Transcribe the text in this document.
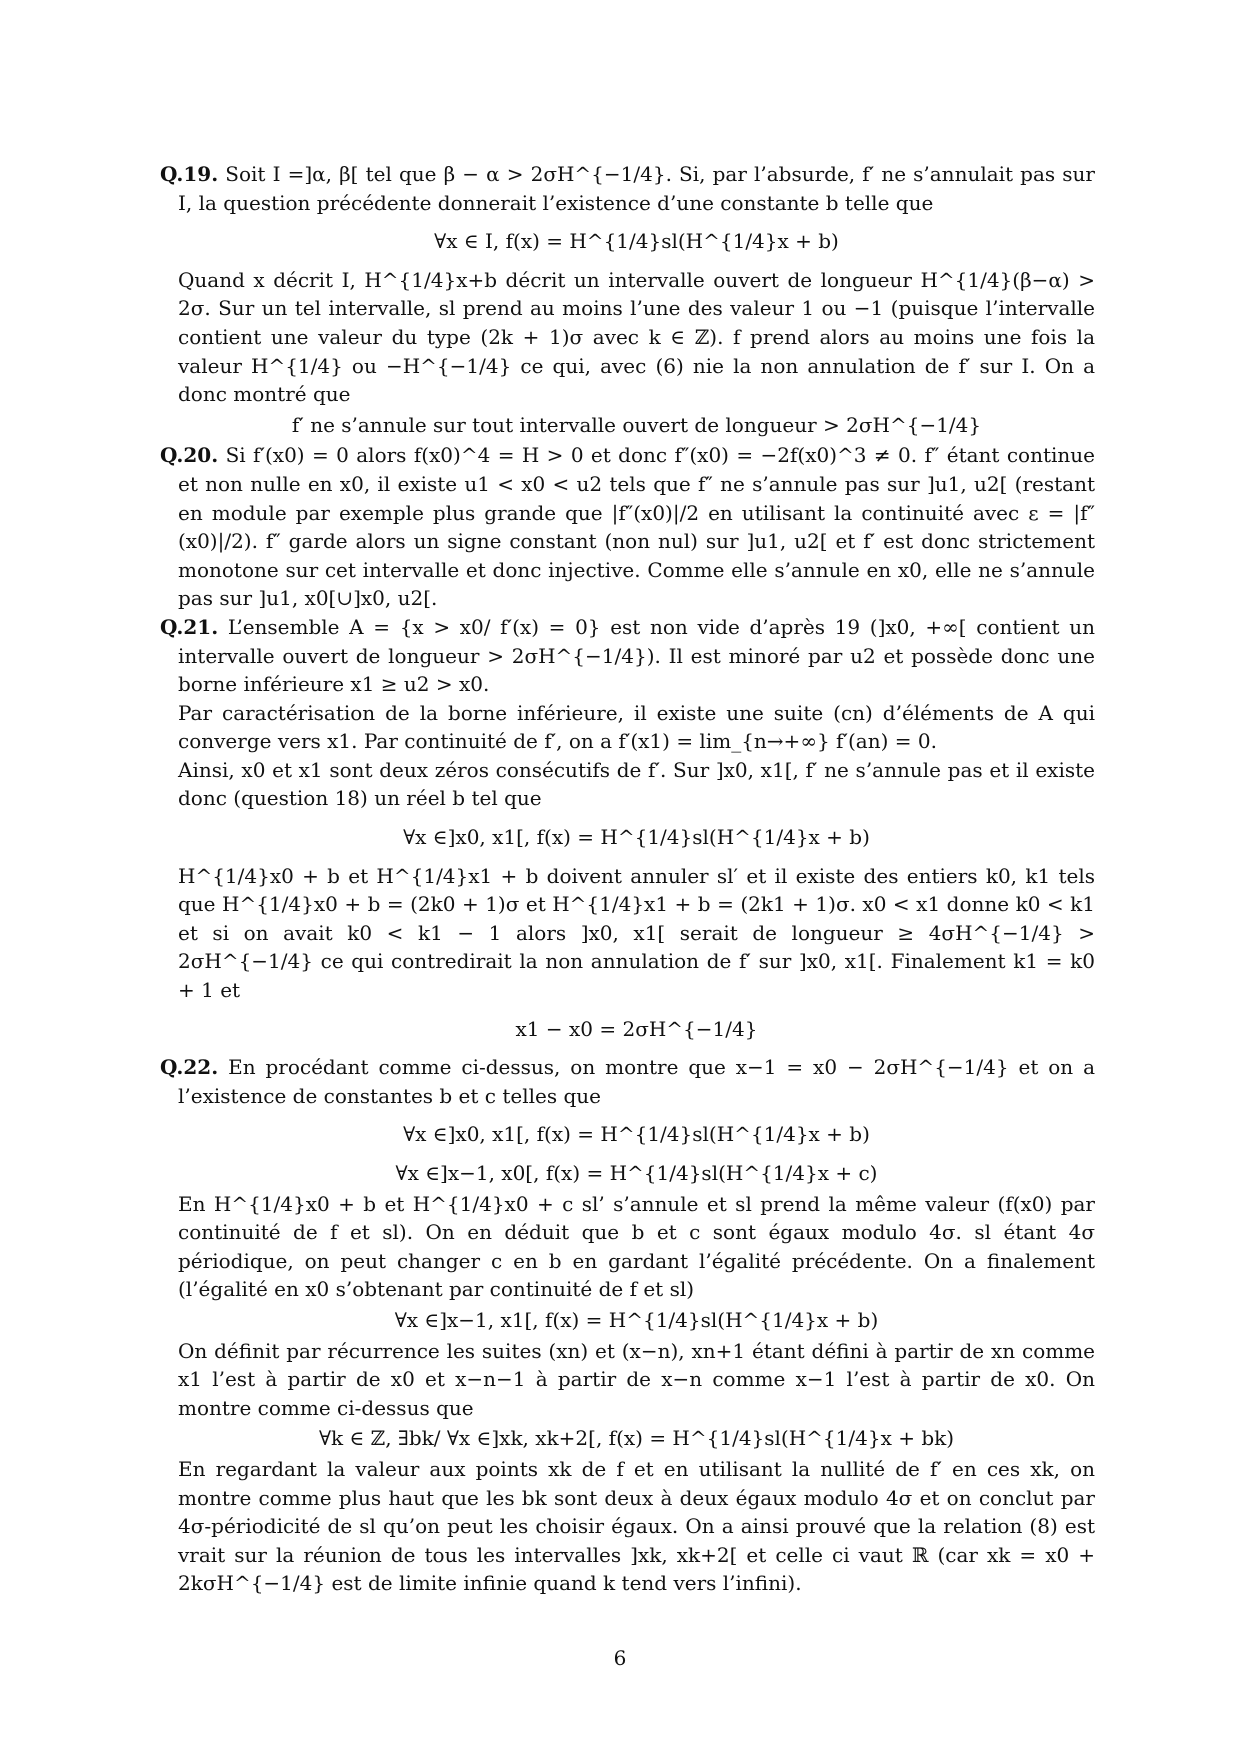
Q.19. Soit I =]α, β[ tel que β − α > 2σH^{−1/4}. Si, par l’absurde, f′ ne s’annulait pas sur I, la question précédente donnerait l’existence d’une constante b telle que

∀x ∈ I, f(x) = H^{1/4}sl(H^{1/4}x + b)

Quand x décrit I, H^{1/4}x+b décrit un intervalle ouvert de longueur H^{1/4}(β−α) > 2σ. Sur un tel intervalle, sl prend au moins l’une des valeur 1 ou −1 (puisque l’intervalle contient une valeur du type (2k + 1)σ avec k ∈ ℤ). f prend alors au moins une fois la valeur H^{1/4} ou −H^{−1/4} ce qui, avec (6) nie la non annulation de f′ sur I. On a donc montré que

f′ ne s’annule sur tout intervalle ouvert de longueur > 2σH^{−1/4}

Q.20. Si f′(x0) = 0 alors f(x0)^4 = H > 0 et donc f″(x0) = −2f(x0)^3 ≠ 0. f″ étant continue et non nulle en x0, il existe u1 < x0 < u2 tels que f″ ne s’annule pas sur ]u1, u2[ (restant en module par exemple plus grande que |f″(x0)|/2 en utilisant la continuité avec ε = |f″(x0)|/2). f″ garde alors un signe constant (non nul) sur ]u1, u2[ et f′ est donc strictement monotone sur cet intervalle et donc injective. Comme elle s’annule en x0, elle ne s’annule pas sur ]u1, x0[∪]x0, u2[.

Q.21. L’ensemble A = {x > x0/ f′(x) = 0} est non vide d’après 19 (]x0, +∞[ contient un intervalle ouvert de longueur > 2σH^{−1/4}). Il est minoré par u2 et possède donc une borne inférieure x1 ≥ u2 > x0.

Par caractérisation de la borne inférieure, il existe une suite (cn) d’éléments de A qui converge vers x1. Par continuité de f′, on a f′(x1) = lim_{n→+∞} f′(an) = 0.

Ainsi, x0 et x1 sont deux zéros consécutifs de f′. Sur ]x0, x1[, f′ ne s’annule pas et il existe donc (question 18) un réel b tel que

∀x ∈]x0, x1[, f(x) = H^{1/4}sl(H^{1/4}x + b)

H^{1/4}x0 + b et H^{1/4}x1 + b doivent annuler sl′ et il existe des entiers k0, k1 tels que H^{1/4}x0 + b = (2k0 + 1)σ et H^{1/4}x1 + b = (2k1 + 1)σ. x0 < x1 donne k0 < k1 et si on avait k0 < k1 − 1 alors ]x0, x1[ serait de longueur ≥ 4σH^{−1/4} > 2σH^{−1/4} ce qui contredirait la non annulation de f′ sur ]x0, x1[. Finalement k1 = k0 + 1 et

x1 − x0 = 2σH^{−1/4}

Q.22. En procédant comme ci-dessus, on montre que x−1 = x0 − 2σH^{−1/4} et on a l’existence de constantes b et c telles que

∀x ∈]x0, x1[, f(x) = H^{1/4}sl(H^{1/4}x + b)
∀x ∈]x−1, x0[, f(x) = H^{1/4}sl(H^{1/4}x + c)

En H^{1/4}x0 + b et H^{1/4}x0 + c sl’ s’annule et sl prend la même valeur (f(x0) par continuité de f et sl). On en déduit que b et c sont égaux modulo 4σ. sl étant 4σ périodique, on peut changer c en b en gardant l’égalité précédente. On a finalement (l’égalité en x0 s’obtenant par continuité de f et sl)

∀x ∈]x−1, x1[, f(x) = H^{1/4}sl(H^{1/4}x + b)

On définit par récurrence les suites (xn) et (x−n), xn+1 étant défini à partir de xn comme x1 l’est à partir de x0 et x−n−1 à partir de x−n comme x−1 l’est à partir de x0. On montre comme ci-dessus que

∀k ∈ ℤ, ∃bk/ ∀x ∈]xk, xk+2[, f(x) = H^{1/4}sl(H^{1/4}x + bk)

En regardant la valeur aux points xk de f et en utilisant la nullité de f′ en ces xk, on montre comme plus haut que les bk sont deux à deux égaux modulo 4σ et on conclut par 4σ-périodicité de sl qu’on peut les choisir égaux. On a ainsi prouvé que la relation (8) est vrait sur la réunion de tous les intervalles ]xk, xk+2[ et celle ci vaut ℝ (car xk = x0 + 2kσH^{−1/4} est de limite infinie quand k tend vers l’infini).

6
